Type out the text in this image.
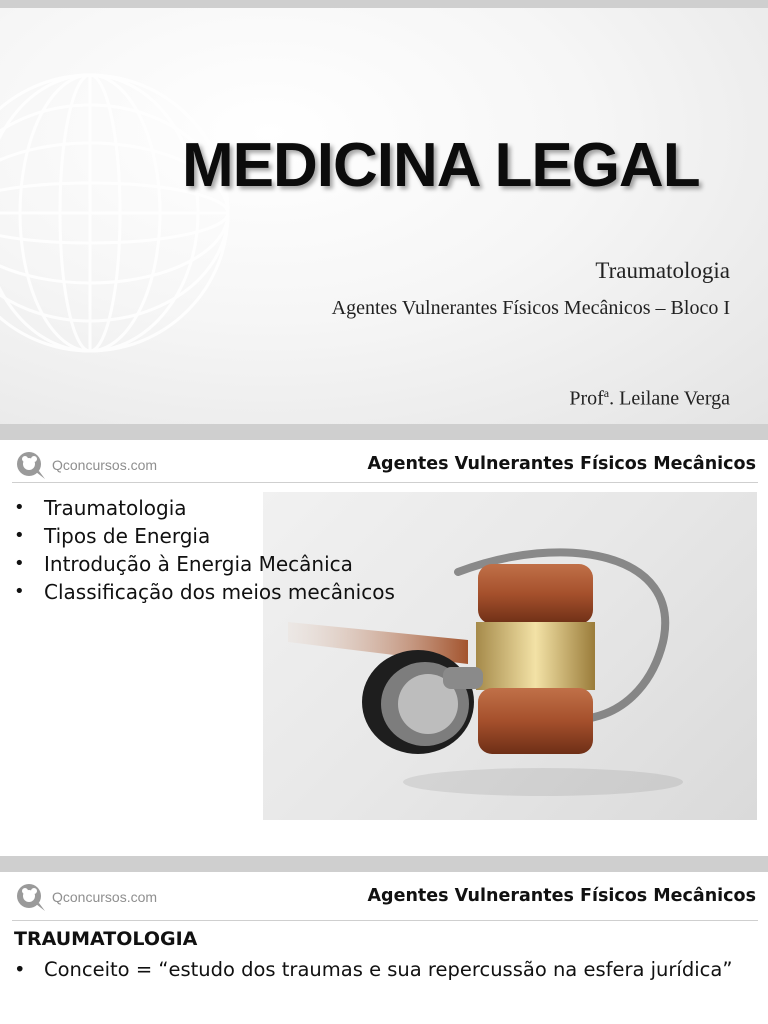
MEDICINA LEGAL

Traumatologia

Agentes Vulnerantes Físicos Mecânicos – Bloco I

Prof$^a$. Leilane Verga

Qconcursos.com	Agentes Vulnerantes Físicos Mecânicos
• Traumatologia
• Tipos de Energia
• Introdução à Energia Mecânica
• Classificação dos meios mecânicos
Qconcursos.com	Agentes Vulnerantes Físicos Mecânicos
TRAUMATOLOGIA
• Conceito = “estudo dos traumas e sua repercussão na esfera jurídica”
